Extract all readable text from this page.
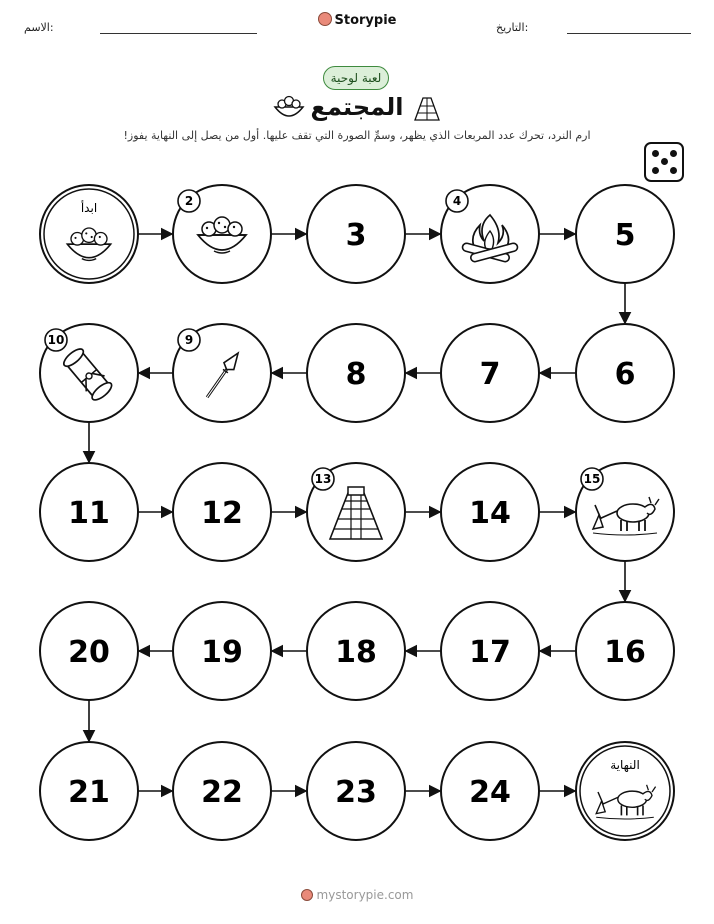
الاسم:	Storypie	التاريخ:
لعبة لوحية
المجتمع
ارم النرد، تحرك عدد المربعات الذي يظهر، وسمِّ الصورة التي تقف عليها. أول من يصل إلى النهاية يفوز!
ابدأ	2
3
4
5
6
7
8
9
10
11	12
13
14
15
16
17
18
19
20
21	22	23	24
النهاية
mystorypie.com
